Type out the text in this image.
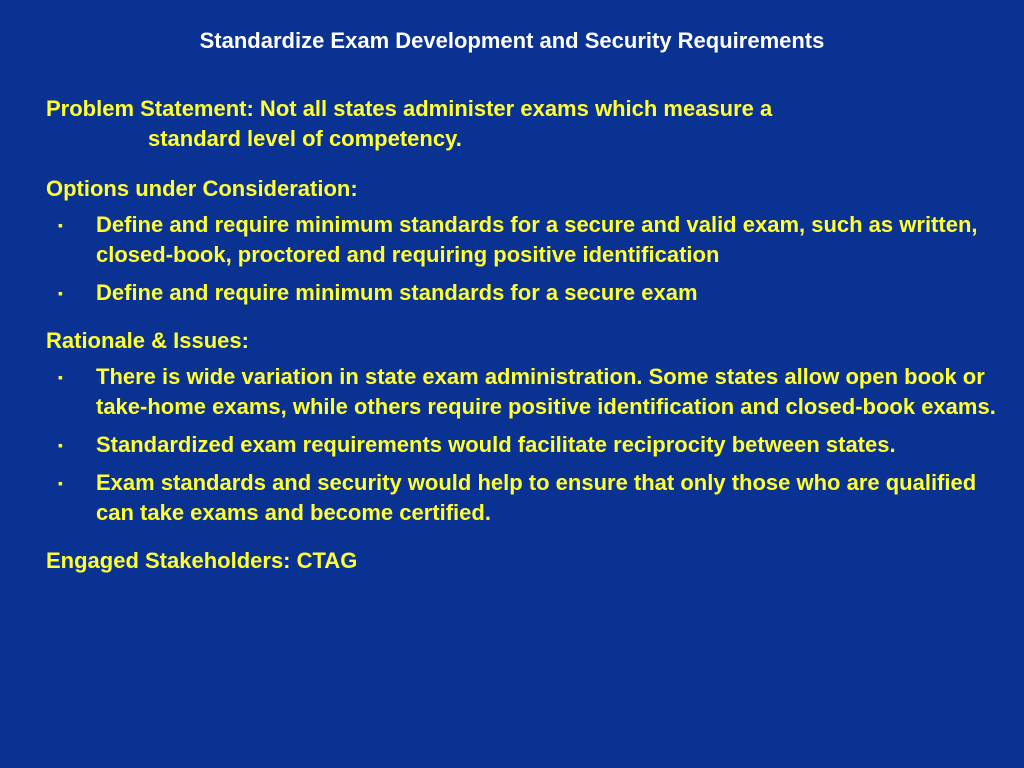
Standardize Exam Development and Security Requirements
Problem Statement: Not all states administer exams which measure a
standard level of competency.
Options under Consideration:
▪ Define and require minimum standards for a secure and valid exam, such as written, closed-book, proctored and requiring positive identification
▪ Define and require minimum standards for a secure exam
Rationale & Issues:
▪ There is wide variation in state exam administration. Some states allow open book or take-home exams, while others require positive identification and closed-book exams.
▪ Standardized exam requirements would facilitate reciprocity between states.
▪ Exam standards and security would help to ensure that only those who are qualified can take exams and become certified.
Engaged Stakeholders: CTAG
